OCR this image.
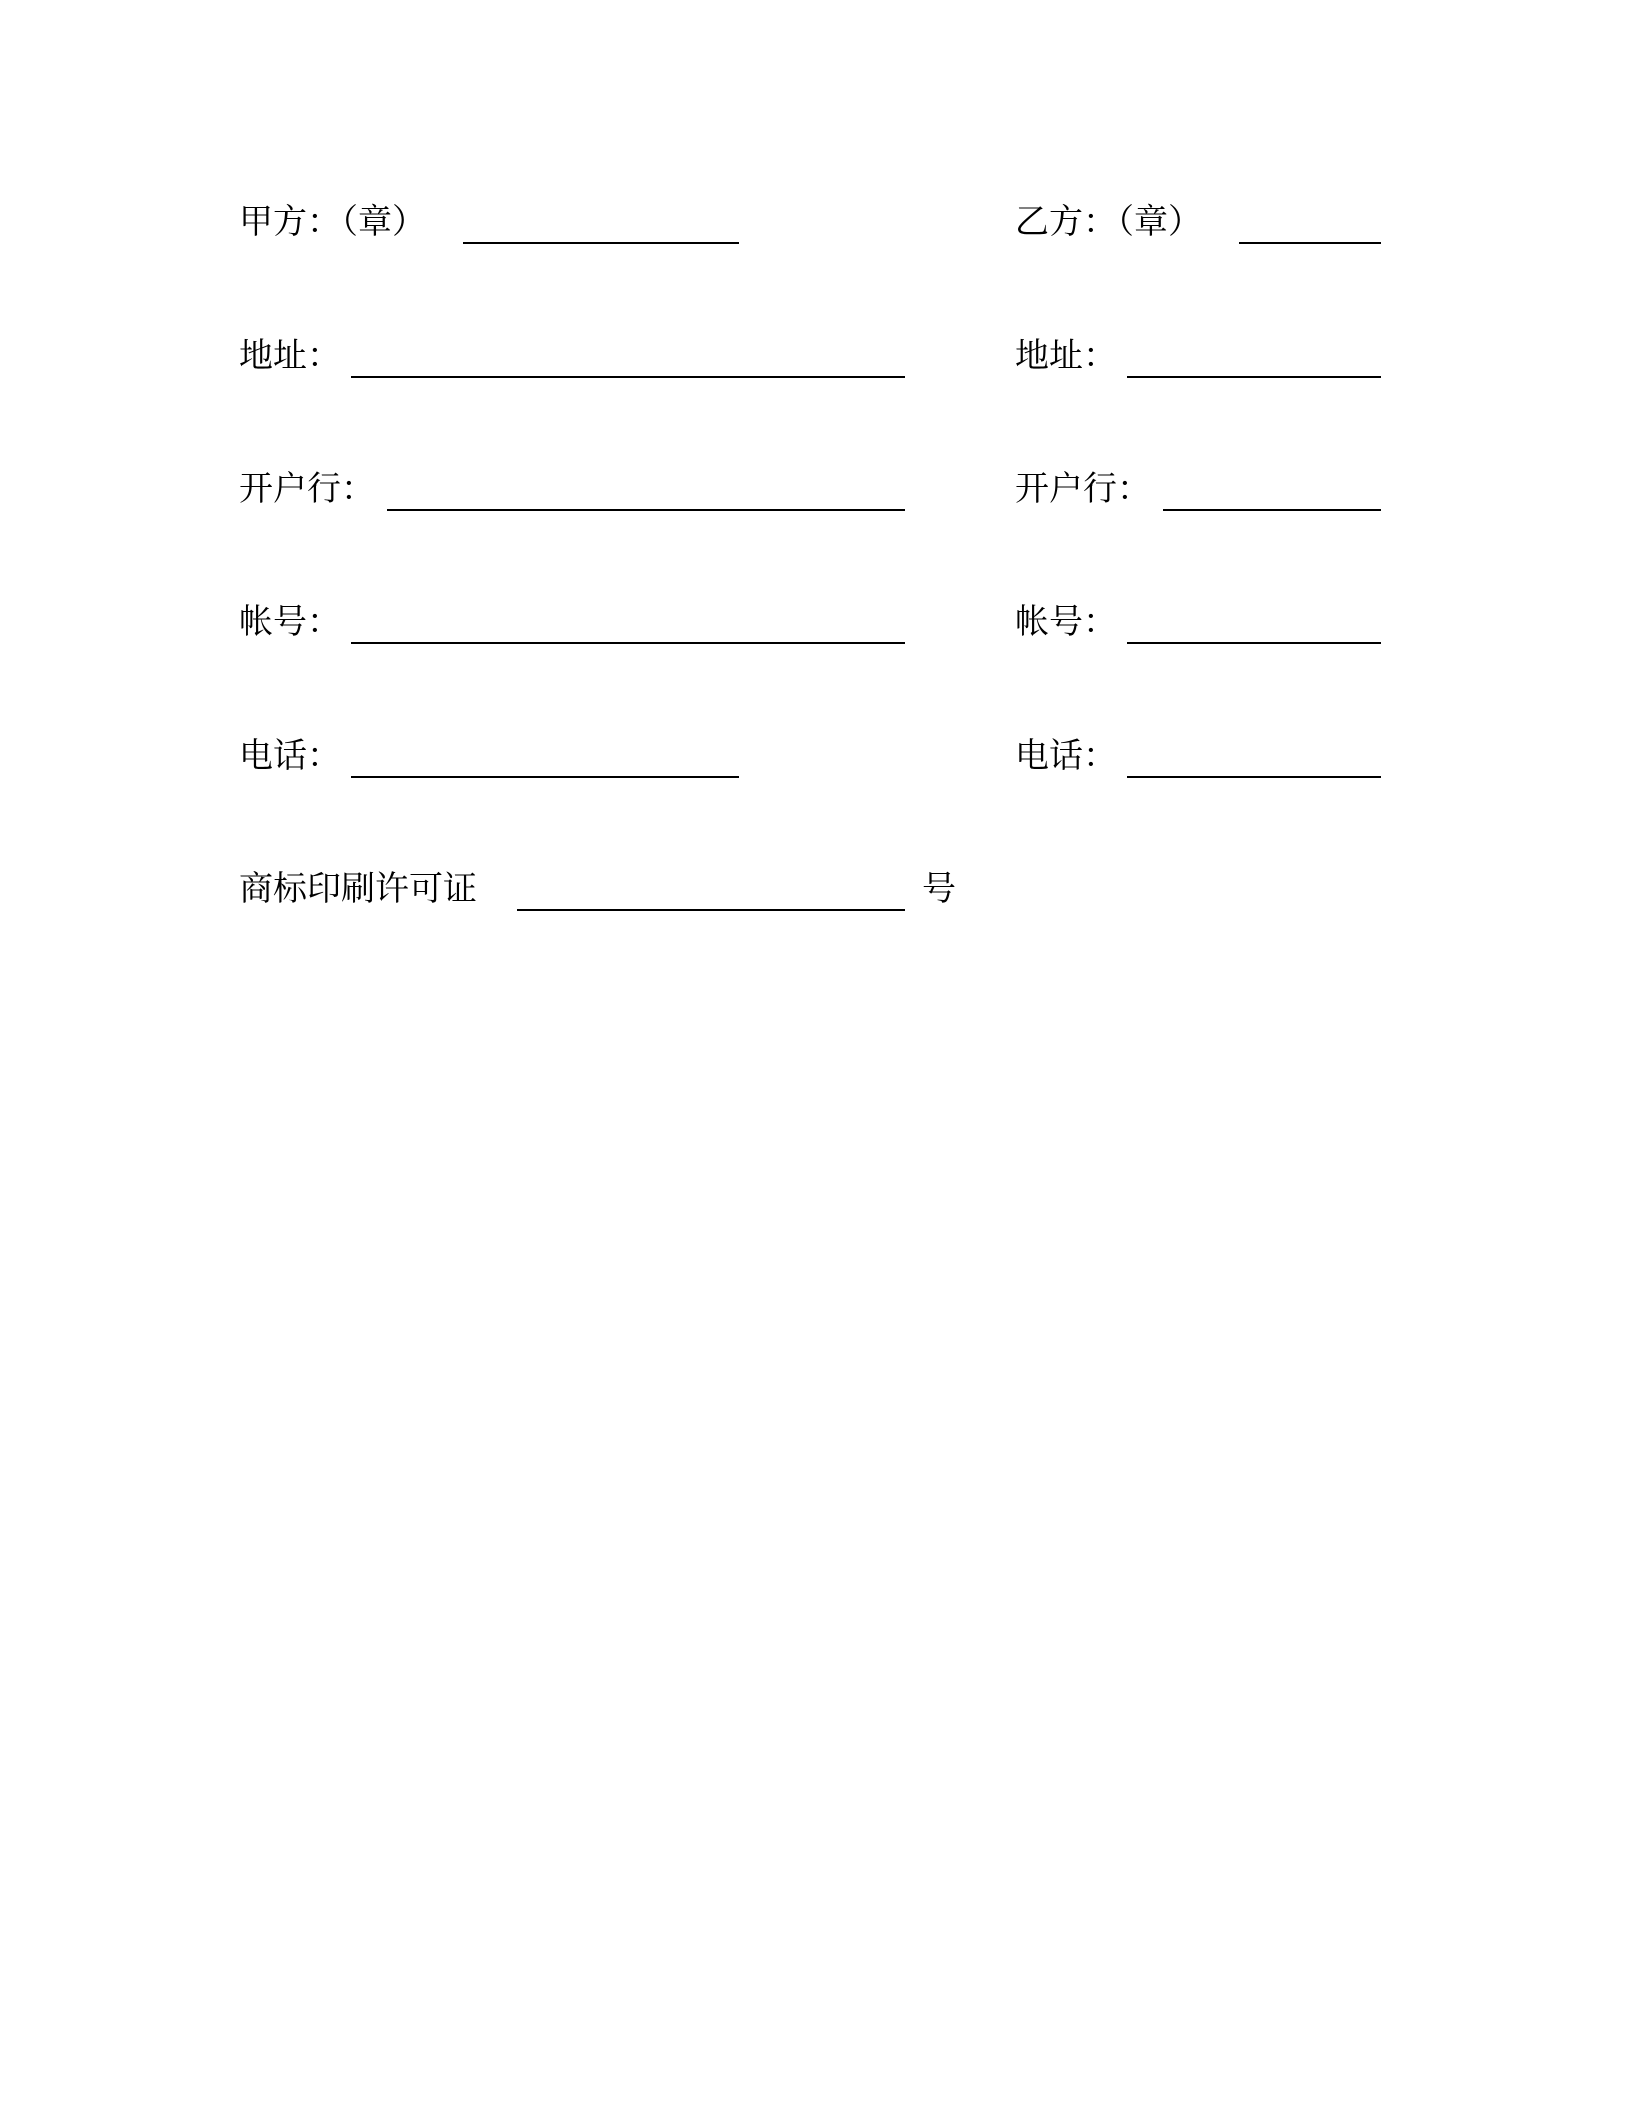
甲方：（章）
地址：
开户行：
帐号：
电话：
乙方：（章）
地址：
开户行：
帐号：
电话：
商标印刷许可证	号
